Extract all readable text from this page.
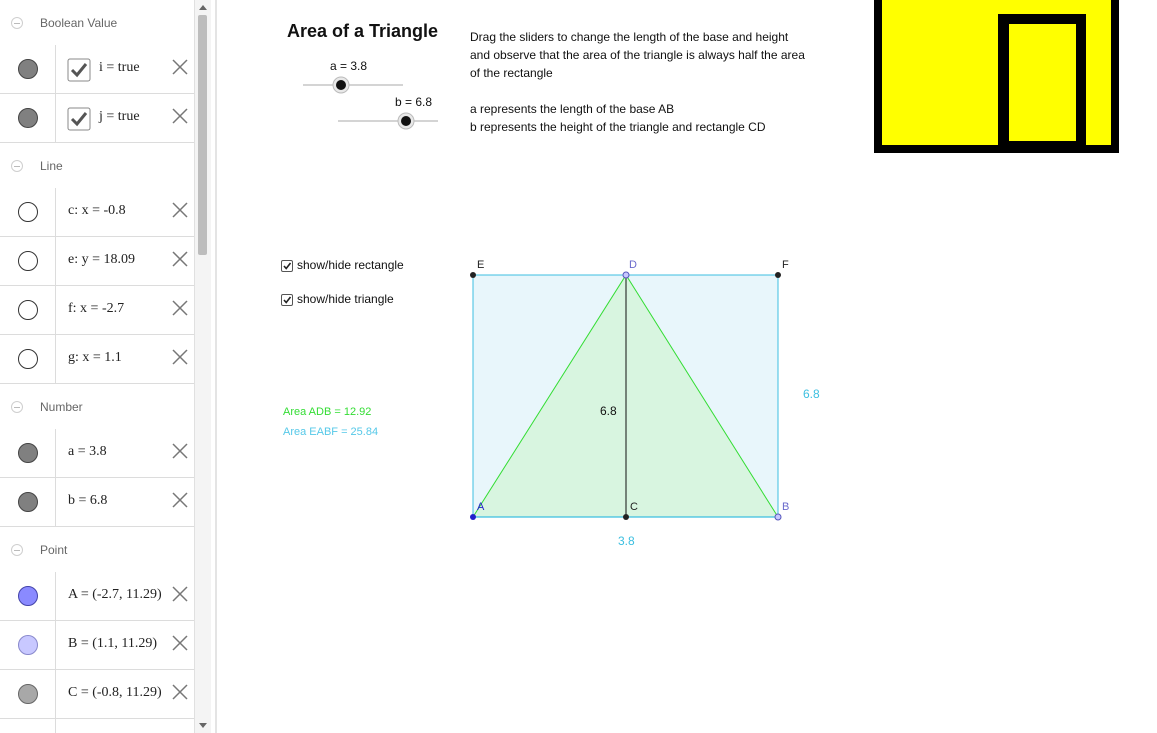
Boolean Value
i = true
j = true
Line
c: x = -0.8
e: y = 18.09
f: x = -2.7
g: x = 1.1
Number
a = 3.8
b = 6.8
Point
A = (-2.7, 11.29)
B = (1.1, 11.29)
C = (-0.8, 11.29)
Area of a Triangle	Drag the sliders to change the length of the base and height
and observe that the area of the triangle is always half the area
of the rectangle
a represents the length of the base AB
b represents the height of the triangle and rectangle CD
a = 3.8
b = 6.8
show/hide rectangle
show/hide triangle
Area ADB = 12.92
Area EABF = 25.84
E	D	F
A	C	B
6.8
6.8
3.8
